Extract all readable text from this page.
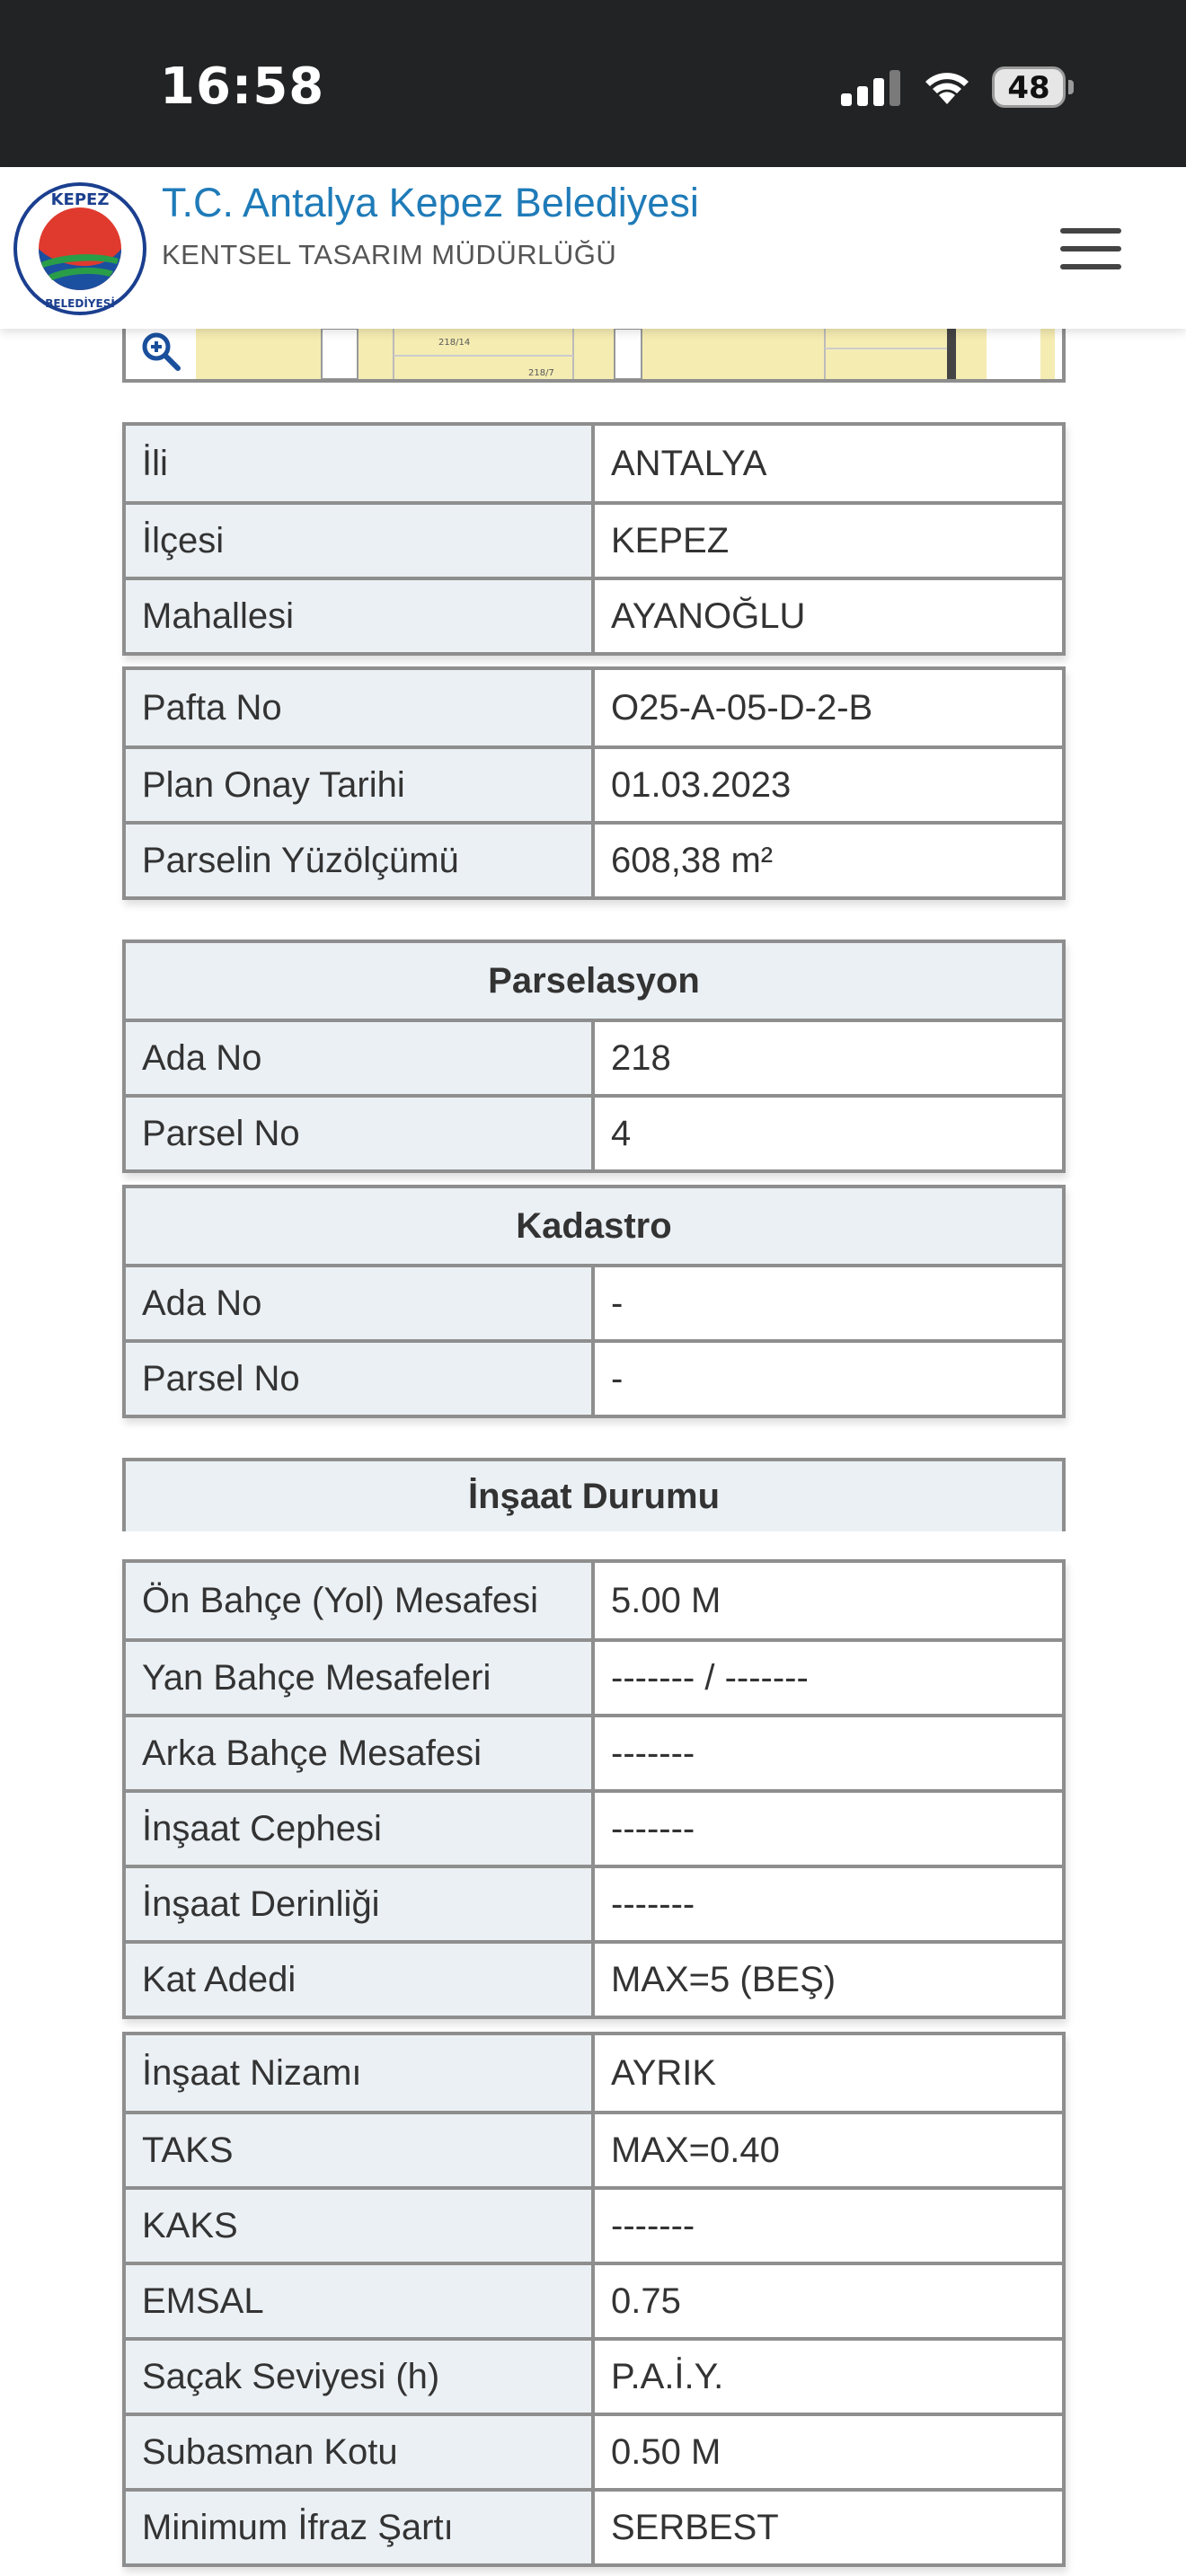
16:58	48
KEPEZ
BELEDİYESİ
T.C. Antalya Kepez Belediyesi
KENTSEL TASARIM MÜDÜRLÜĞÜ
218/14
218/7
İli	ANTALYA
İlçesi	KEPEZ
Mahallesi	AYANOĞLU
Pafta No	O25-A-05-D-2-B
Plan Onay Tarihi	01.03.2023
Parselin Yüzölçümü	608,38 m²
Parselasyon
Ada No	218
Parsel No	4
Kadastro
Ada No	-
Parsel No	-
İnşaat Durumu
Ön Bahçe (Yol) Mesafesi	5.00 M
Yan Bahçe Mesafeleri	------- / -------
Arka Bahçe Mesafesi	-------
İnşaat Cephesi	-------
İnşaat Derinliği	-------
Kat Adedi	MAX=5 (BEŞ)
İnşaat Nizamı	AYRIK
TAKS	MAX=0.40
KAKS	-------
EMSAL	0.75
Saçak Seviyesi (h)	P.A.İ.Y.
Subasman Kotu	0.50 M
Minimum İfraz Şartı	SERBEST
